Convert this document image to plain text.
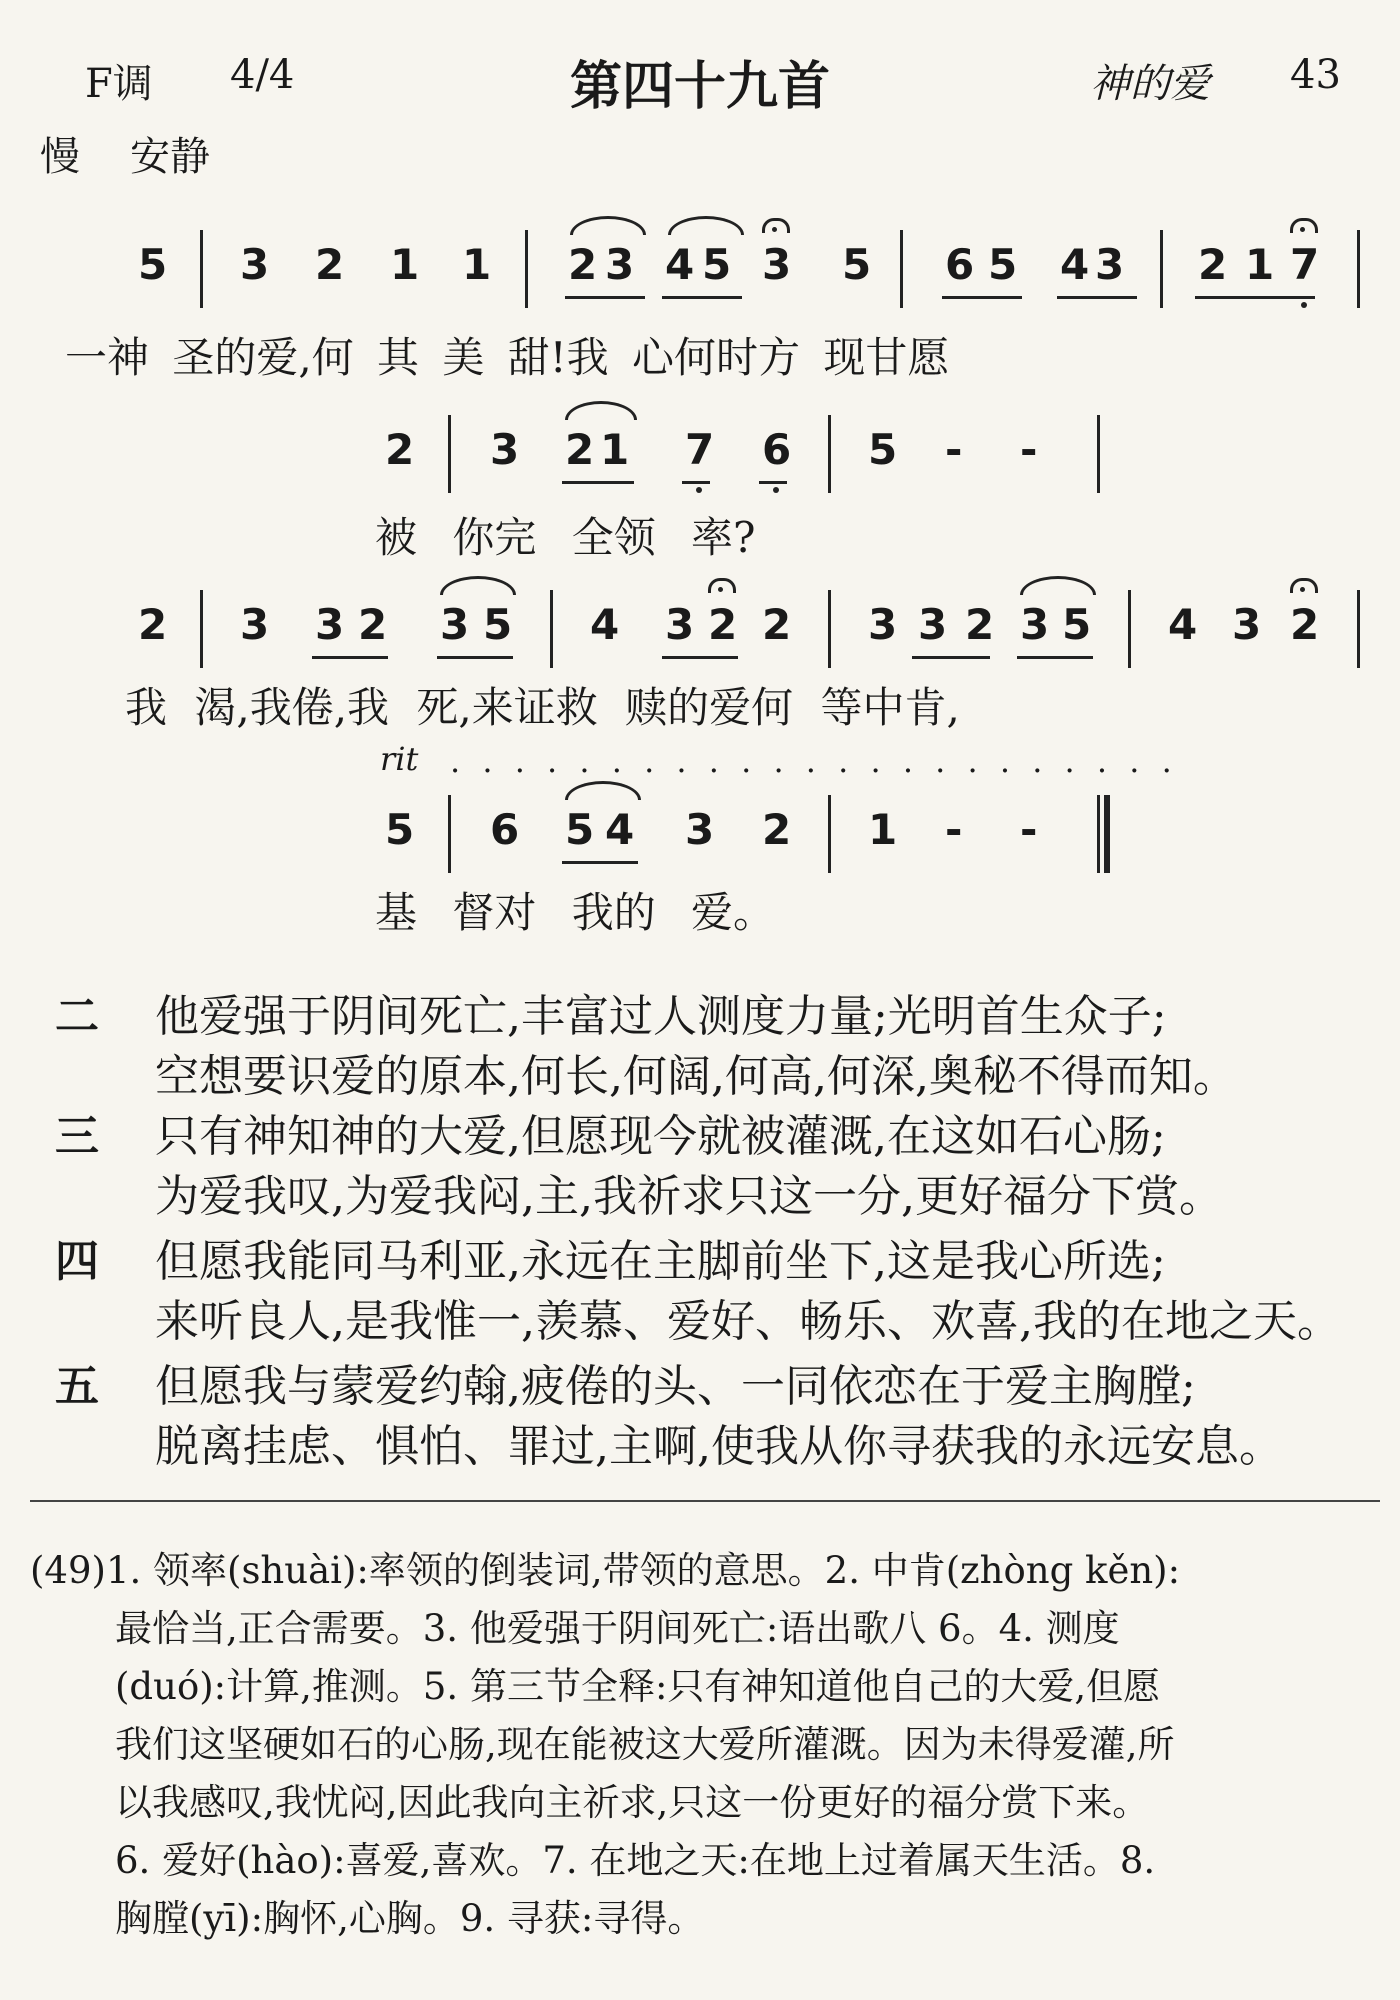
F调 4/4	第四十九首	神的爱 43
慢 安静
5 3 2 1 1 2 3 4 5 3 5 6 5 4 3 2 1 7
一神 圣的爱,何 其 美 甜!我 心何时方 现甘愿
2 3 2 1 7 6 5 - -
被 你完 全领 率?
2 3 3 2 3 5 4 3 2 2 3 3 2 3 5 4 3 2
我 渴,我倦,我 死,来证救 赎的爱何 等中肯,
rit . . . . . . . . . . . . . . . . . . . . . . .
5 6 5 4 3 2 1 - -
基 督对 我的 爱。
二 他爱强于阴间死亡,丰富过人测度力量;光明首生众子;
空想要识爱的原本,何长,何阔,何高,何深,奥秘不得而知。
三 只有神知神的大爱,但愿现今就被灌溉,在这如石心肠;
为爱我叹,为爱我闷,主,我祈求只这一分,更好福分下赏。
四 但愿我能同马利亚,永远在主脚前坐下,这是我心所选;
来听良人,是我惟一,羡慕、爱好、畅乐、欢喜,我的在地之天。
五 但愿我与蒙爱约翰,疲倦的头、一同依恋在于爱主胸膛;
脱离挂虑、惧怕、罪过,主啊,使我从你寻获我的永远安息。
(49)1. 领率(shuài):率领的倒装词,带领的意思。2. 中肯(zhòng kěn):
最恰当,正合需要。3. 他爱强于阴间死亡:语出歌八 6。4. 测度
(duó):计算,推测。5. 第三节全释:只有神知道他自己的大爱,但愿
我们这坚硬如石的心肠,现在能被这大爱所灌溉。因为未得爱灌,所
以我感叹,我忧闷,因此我向主祈求,只这一份更好的福分赏下来。
6. 爱好(hào):喜爱,喜欢。7. 在地之天:在地上过着属天生活。8.
胸膛(yī):胸怀,心胸。9. 寻获:寻得。
